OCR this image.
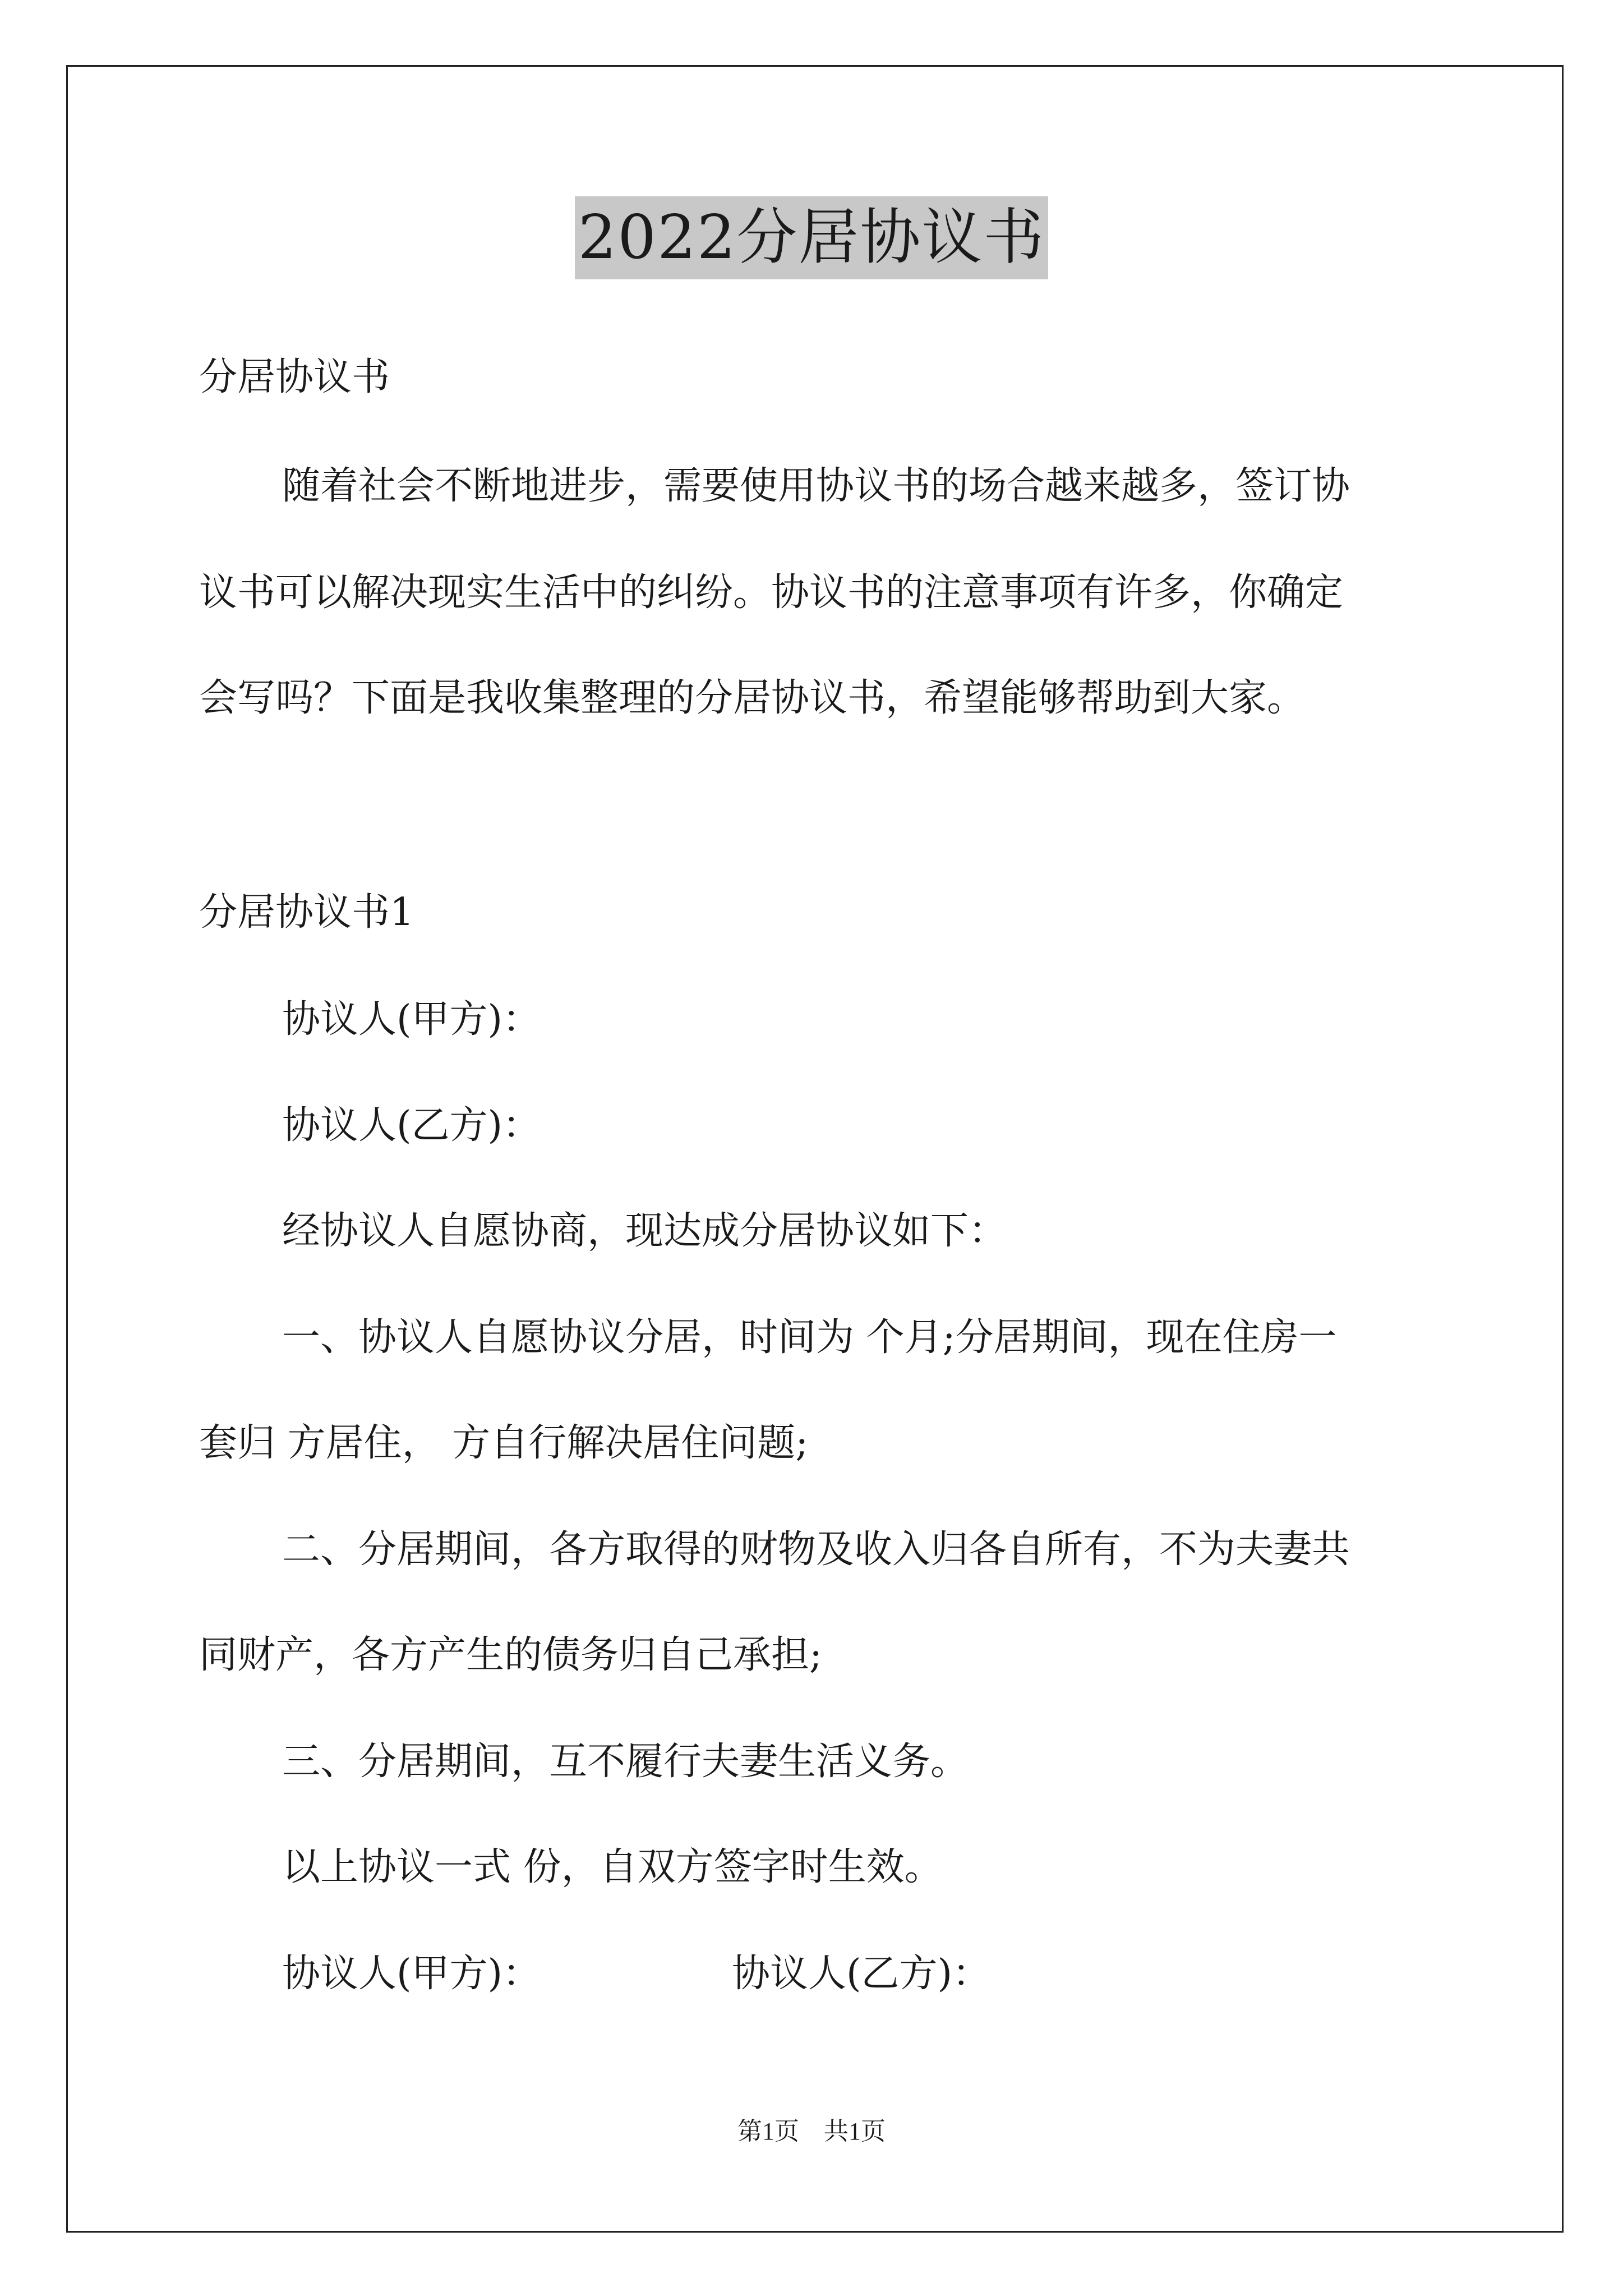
2022分居协议书
分居协议书
随着社会不断地进步，需要使用协议书的场合越来越多，签订协
议书可以解决现实生活中的纠纷。协议书的注意事项有许多，你确定
会写吗？下面是我收集整理的分居协议书，希望能够帮助到大家。
分居协议书1
协议人(甲方)：
协议人(乙方)：
经协议人自愿协商，现达成分居协议如下：
一、协议人自愿协议分居，时间为 个月;分居期间，现在住房一
套归 方居住， 方自行解决居住问题;
二、分居期间，各方取得的财物及收入归各自所有，不为夫妻共
同财产，各方产生的债务归自己承担;
三、分居期间，互不履行夫妻生活义务。
以上协议一式 份，自双方签字时生效。
协议人(甲方)：	协议人(乙方)：
第1页　共1页
